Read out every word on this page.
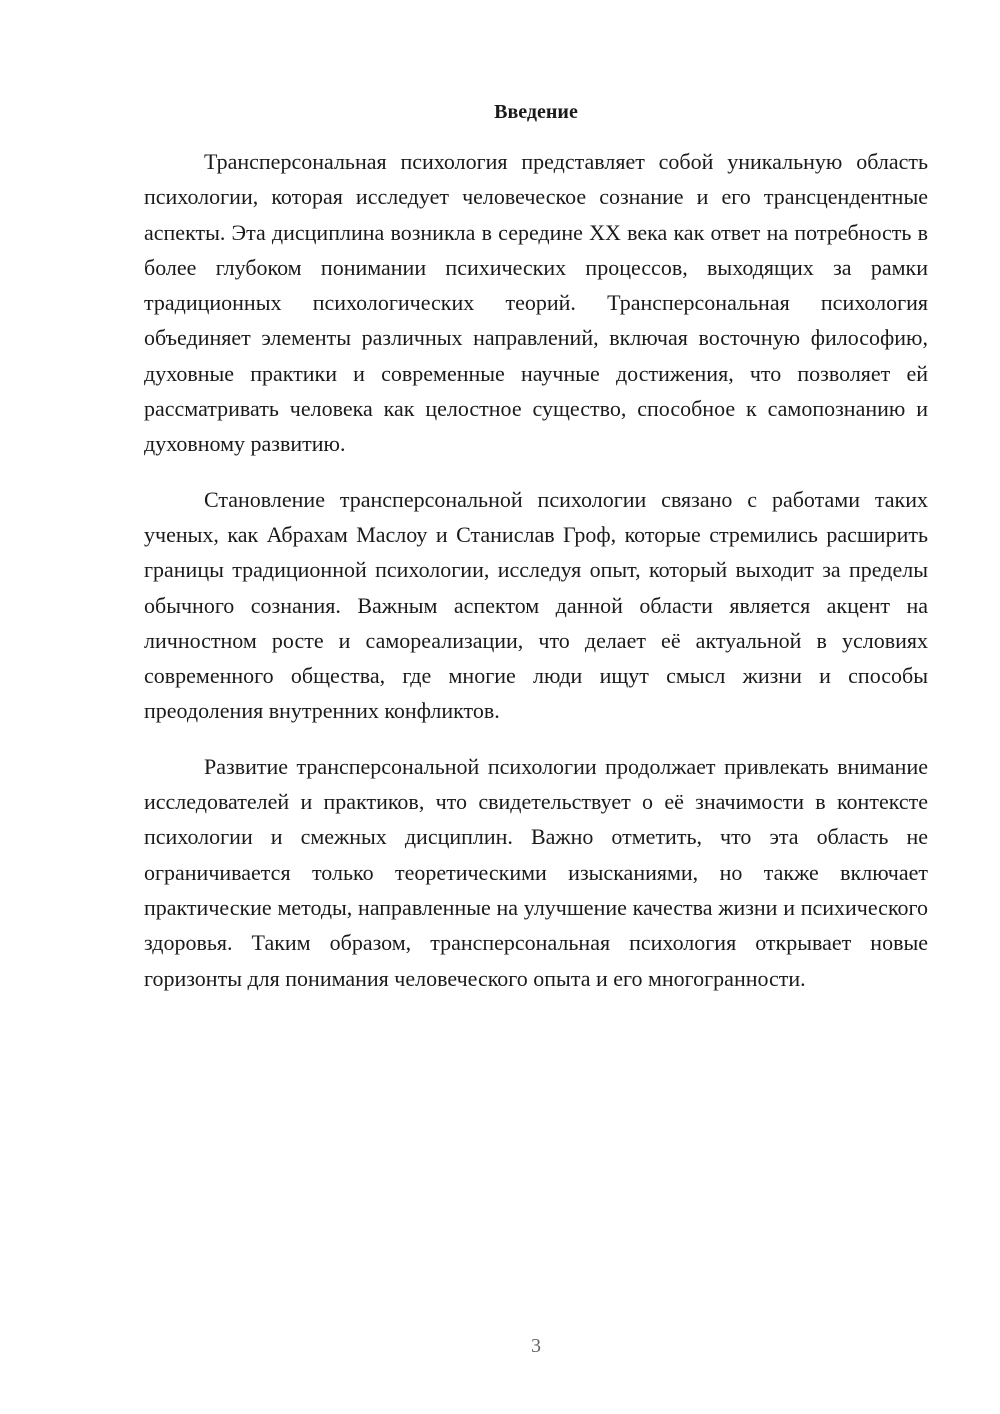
Введение

Трансперсональная психология представляет собой уникальную область психологии, которая исследует человеческое сознание и его трансцендентные аспекты. Эта дисциплина возникла в середине XX века как ответ на потребность в более глубоком понимании психических процессов, выходящих за рамки традиционных психологических теорий. Трансперсональная психология объединяет элементы различных направлений, включая восточную философию, духовные практики и современные научные достижения, что позволяет ей рассматривать человека как целостное существо, способное к самопознанию и духовному развитию.

Становление трансперсональной психологии связано с работами таких ученых, как Абрахам Маслоу и Станислав Гроф, которые стремились расширить границы традиционной психологии, исследуя опыт, который выходит за пределы обычного сознания. Важным аспектом данной области является акцент на личностном росте и самореализации, что делает её актуальной в условиях современного общества, где многие люди ищут смысл жизни и способы преодоления внутренних конфликтов.

Развитие трансперсональной психологии продолжает привлекать внимание исследователей и практиков, что свидетельствует о её значимости в контексте психологии и смежных дисциплин. Важно отметить, что эта область не ограничивается только теоретическими изысканиями, но также включает практические методы, направленные на улучшение качества жизни и психического здоровья. Таким образом, трансперсональная психология открывает новые горизонты для понимания человеческого опыта и его многогранности.

3
